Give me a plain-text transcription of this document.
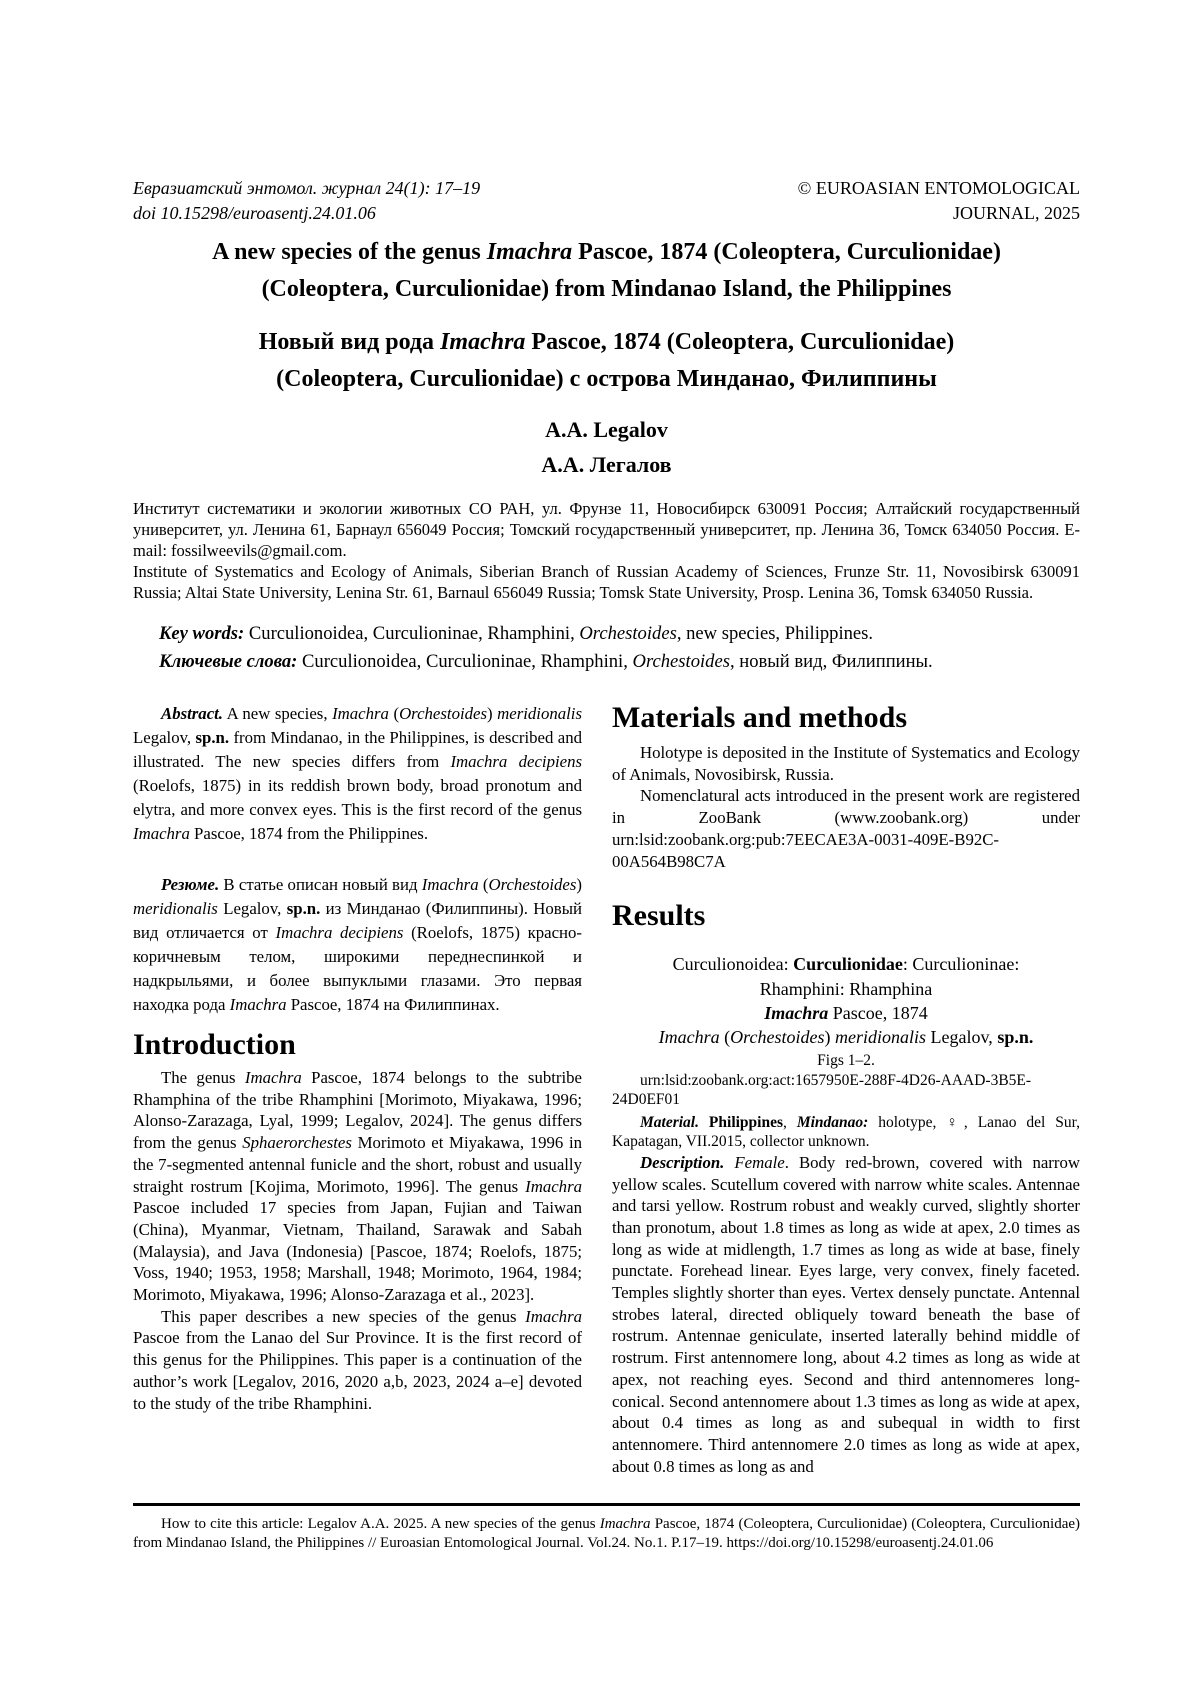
Евразиатский энтомол. журнал 24(1): 17–19
doi 10.15298/euroasentj.24.01.06
© EUROASIAN ENTOMOLOGICAL
JOURNAL, 2025
A new species of the genus Imachra Pascoe, 1874 (Coleoptera, Curculionidae)
(Coleoptera, Curculionidae) from Mindanao Island, the Philippines
Новый вид рода Imachra Pascoe, 1874 (Coleoptera, Curculionidae)
(Coleoptera, Curculionidae) с острова Минданао, Филиппины
A.A. Legalov
А.А. Легалов

Институт систематики и экологии животных СО РАН, ул. Фрунзе 11, Новосибирск 630091 Россия; Алтайский государственный университет, ул. Ленина 61, Барнаул 656049 Россия; Томский государственный университет, пр. Ленина 36, Томск 634050 Россия. E-mail: fossilweevils@gmail.com.

Institute of Systematics and Ecology of Animals, Siberian Branch of Russian Academy of Sciences, Frunze Str. 11, Novosibirsk 630091 Russia; Altai State University, Lenina Str. 61, Barnaul 656049 Russia; Tomsk State University, Prosp. Lenina 36, Tomsk 634050 Russia.

Key words: Curculionoidea, Curculioninae, Rhamphini, Orchestoides, new species, Philippines.

Ключевые слова: Curculionoidea, Curculioninae, Rhamphini, Orchestoides, новый вид, Филиппины.

Abstract. A new species, Imachra (Orchestoides) meridionalis Legalov, sp.n. from Mindanao, in the Philippines, is described and illustrated. The new species differs from Imachra decipiens (Roelofs, 1875) in its reddish brown body, broad pronotum and elytra, and more convex eyes. This is the first record of the genus Imachra Pascoe, 1874 from the Philippines.

Резюме. В статье описан новый вид Imachra (Orchestoides) meridionalis Legalov, sp.n. из Минданао (Филиппины). Новый вид отличается от Imachra decipiens (Roelofs, 1875) красно-коричневым телом, широкими переднеспинкой и надкрыльями, и более выпуклыми глазами. Это первая находка рода Imachra Pascoe, 1874 на Филиппинах.

Introduction

The genus Imachra Pascoe, 1874 belongs to the subtribe Rhamphina of the tribe Rhamphini [Morimoto, Miyakawa, 1996; Alonso-Zarazaga, Lyal, 1999; Legalov, 2024]. The genus differs from the genus Sphaerorchestes Morimoto et Miyakawa, 1996 in the 7-segmented antennal funicle and the short, robust and usually straight rostrum [Kojima, Morimoto, 1996]. The genus Imachra Pascoe included 17 species from Japan, Fujian and Taiwan (China), Myanmar, Vietnam, Thailand, Sarawak and Sabah (Malaysia), and Java (Indonesia) [Pascoe, 1874; Roelofs, 1875; Voss, 1940; 1953, 1958; Marshall, 1948; Morimoto, 1964, 1984; Morimoto, Miyakawa, 1996; Alonso-Zarazaga et al., 2023].

This paper describes a new species of the genus Imachra Pascoe from the Lanao del Sur Province. It is the first record of this genus for the Philippines. This paper is a continuation of the author’s work [Legalov, 2016, 2020 a,b, 2023, 2024 a–e] devoted to the study of the tribe Rhamphini.

Materials and methods

Holotype is deposited in the Institute of Systematics and Ecology of Animals, Novosibirsk, Russia.

Nomenclatural acts introduced in the present work are registered in ZooBank (www.zoobank.org) under urn:lsid:zoobank.org:pub:7EECAE3A-0031-409E-B92C-00A564B98C7A

Results
Curculionoidea: Curculionidae: Curculioninae:
Rhamphini: Rhamphina
Imachra Pascoe, 1874
Imachra (Orchestoides) meridionalis Legalov, sp.n.
Figs 1–2.

urn:lsid:zoobank.org:act:1657950E-288F-4D26-AAAD-3B5E-24D0EF01

Material. Philippines, Mindanao: holotype, ♀, Lanao del Sur, Kapatagan, VII.2015, collector unknown.

Description. Female. Body red-brown, covered with narrow yellow scales. Scutellum covered with narrow white scales. Antennae and tarsi yellow. Rostrum robust and weakly curved, slightly shorter than pronotum, about 1.8 times as long as wide at apex, 2.0 times as long as wide at midlength, 1.7 times as long as wide at base, finely punctate. Forehead linear. Eyes large, very convex, finely faceted. Temples slightly shorter than eyes. Vertex densely punctate. Antennal strobes lateral, directed obliquely toward beneath the base of rostrum. Antennae geniculate, inserted laterally behind middle of rostrum. First antennomere long, about 4.2 times as long as wide at apex, not reaching eyes. Second and third antennomeres long-conical. Second antennomere about 1.3 times as long as wide at apex, about 0.4 times as long as and subequal in width to first antennomere. Third antennomere 2.0 times as long as wide at apex, about 0.8 times as long as and

How to cite this article: Legalov A.A. 2025. A new species of the genus Imachra Pascoe, 1874 (Coleoptera, Curculionidae) (Coleoptera, Curculionidae) from Mindanao Island, the Philippines // Euroasian Entomological Journal. Vol.24. No.1. P.17–19. https://doi.org/10.15298/euroasentj.24.01.06
